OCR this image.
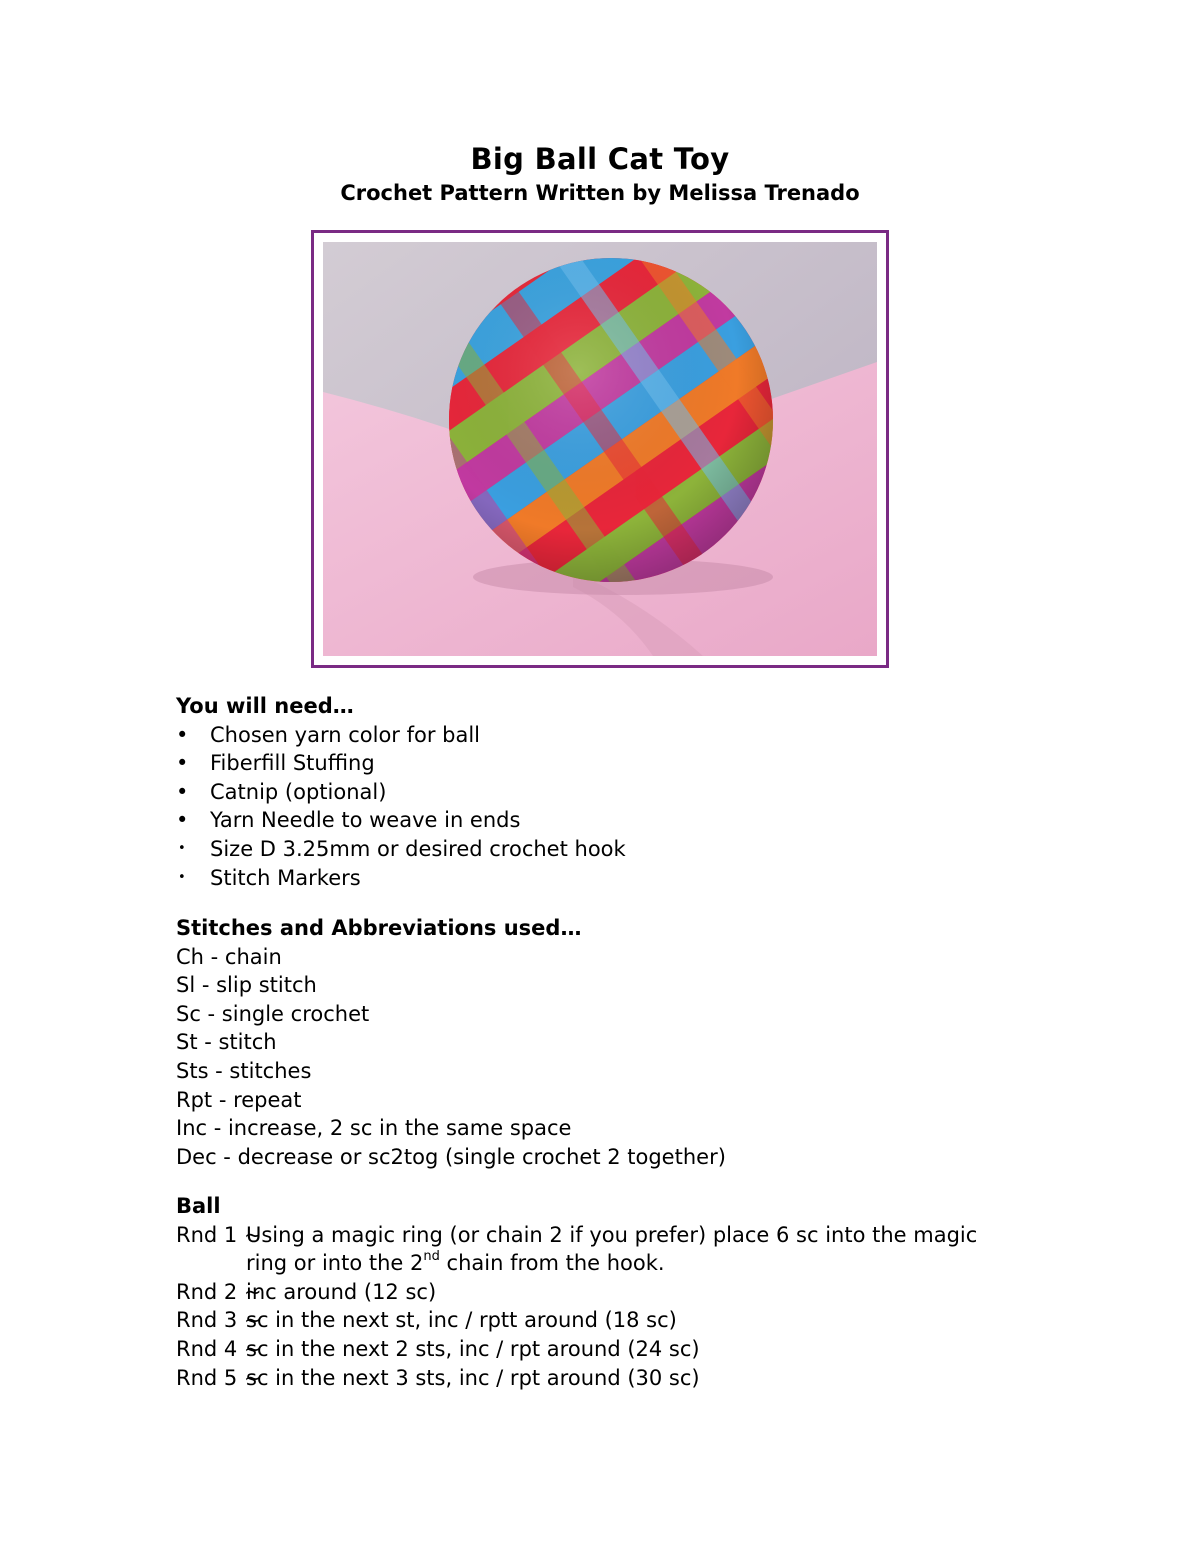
Big Ball Cat Toy
Crochet Pattern Written by Melissa Trenado
You will need…
• Chosen yarn color for ball
• Fiberfill Stuffing
• Catnip (optional)
• Yarn Needle to weave in ends
• Size D 3.25mm or desired crochet hook
• Stitch Markers
Stitches and Abbreviations used…
Ch - chain
Sl - slip stitch
Sc - single crochet
St - stitch
Sts - stitches
Rpt - repeat
Inc - increase, 2 sc in the same space
Dec - decrease or sc2tog (single crochet 2 together)
Ball
Rnd 1 ~
Using a magic ring (or chain 2 if you prefer) place 6 sc into the magic
ring or into the 2nd chain from the hook.
Rnd 2 ~
inc around (12 sc)
Rnd 3 ~
sc in the next st, inc / rptt around (18 sc)
Rnd 4 ~
sc in the next 2 sts, inc / rpt around (24 sc)
Rnd 5 ~
sc in the next 3 sts, inc / rpt around (30 sc)
